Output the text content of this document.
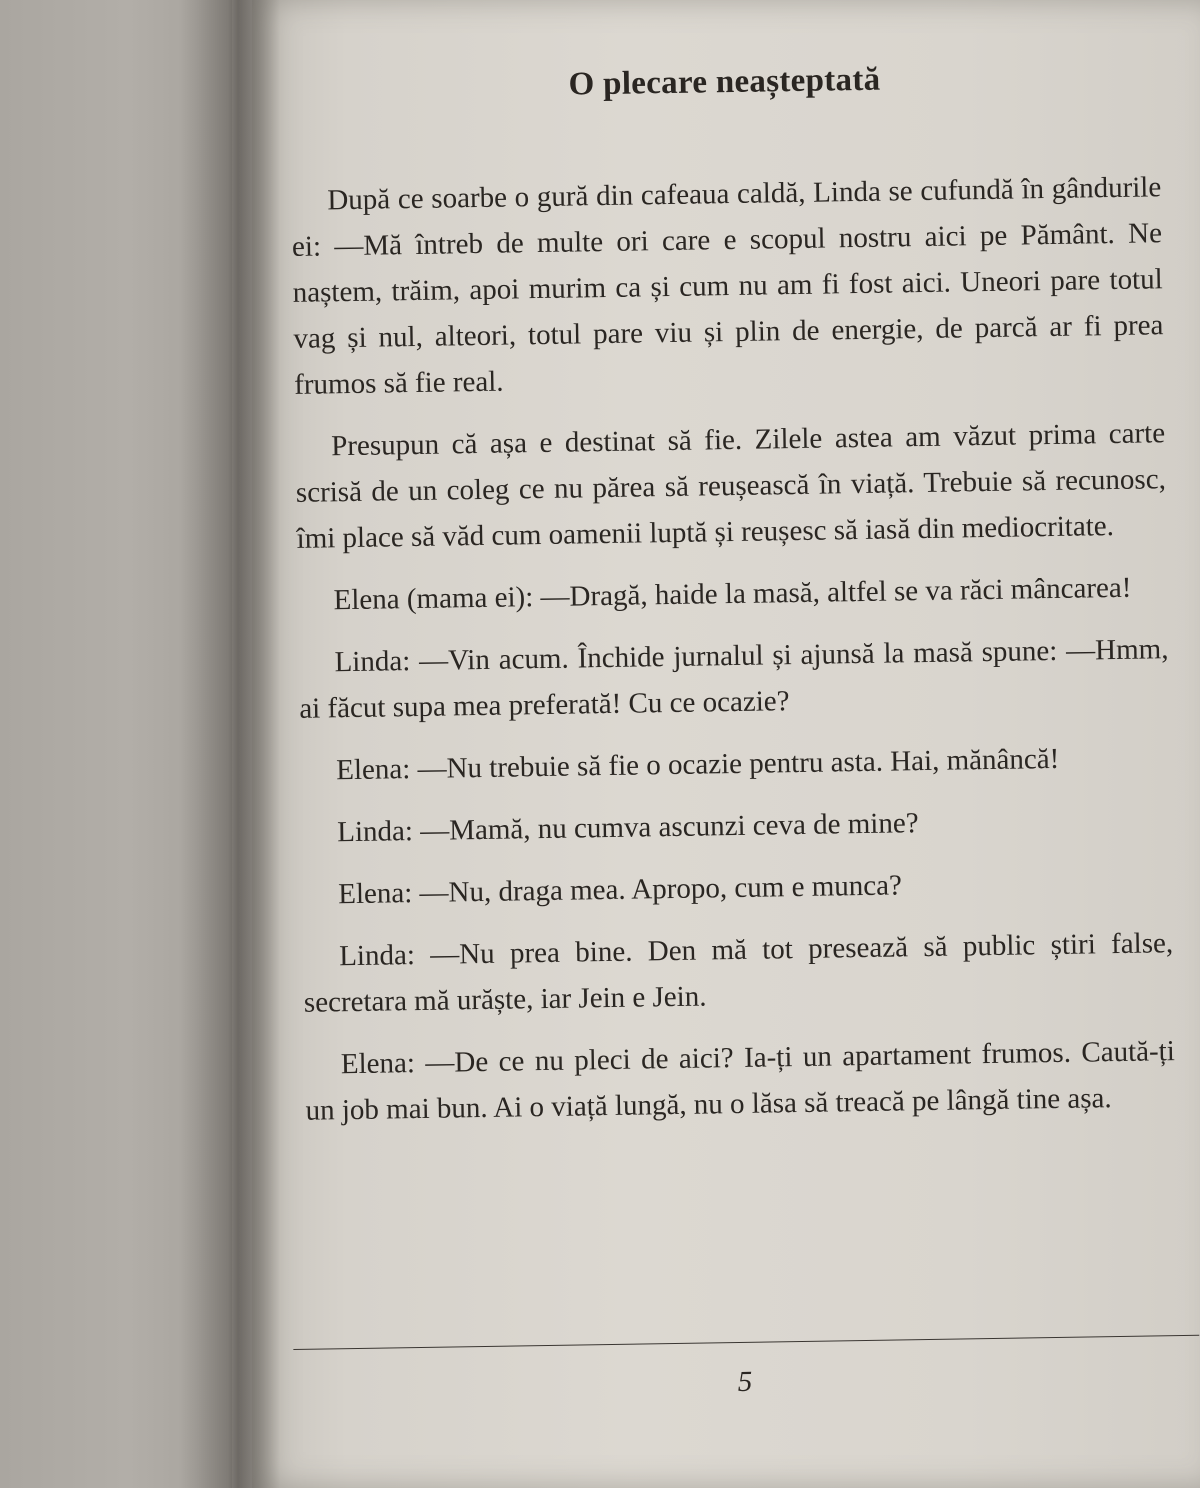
O plecare neașteptată

După ce soarbe o gură din cafeaua caldă, Linda se cufundă în gândurile ei: —Mă întreb de multe ori care e scopul nostru aici pe Pământ. Ne naștem, trăim, apoi murim ca și cum nu am fi fost aici. Uneori pare totul vag și nul, alteori, totul pare viu și plin de energie, de parcă ar fi prea frumos să fie real.

Presupun că așa e destinat să fie. Zilele astea am văzut prima carte scrisă de un coleg ce nu părea să reușească în viață. Trebuie să recunosc, îmi place să văd cum oamenii luptă și reușesc să iasă din mediocritate.

Elena (mama ei): —Dragă, haide la masă, altfel se va răci mâncarea!

Linda: —Vin acum. Închide jurnalul și ajunsă la masă spune: —Hmm, ai făcut supa mea preferată! Cu ce ocazie?

Elena: —Nu trebuie să fie o ocazie pentru asta. Hai, mănâncă!

Linda: —Mamă, nu cumva ascunzi ceva de mine?

Elena: —Nu, draga mea. Apropo, cum e munca?

Linda: —Nu prea bine. Den mă tot presează să public știri false, secretara mă urăște, iar Jein e Jein.

Elena: —De ce nu pleci de aici? Ia-ți un apartament frumos. Caută-ți un job mai bun. Ai o viață lungă, nu o lăsa să treacă pe lângă tine așa.

5
